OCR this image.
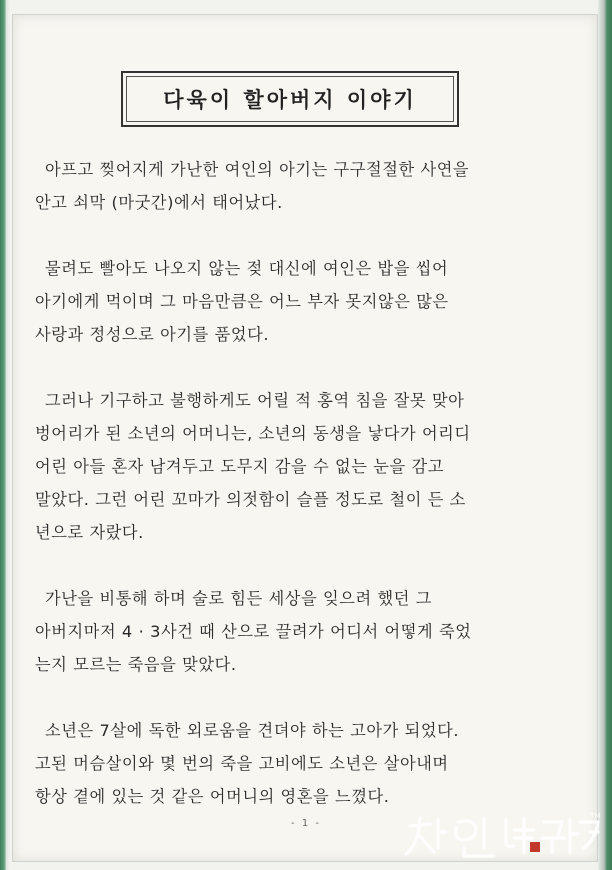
다육이 할아버지 이야기
아프고 찢어지게 가난한 여인의 아기는 구구절절한 사연을
안고 쇠막 (마굿간)에서 태어났다.
물려도 빨아도 나오지 않는 젖 대신에 여인은 밥을 씹어
아기에게 먹이며 그 마음만큼은 어느 부자 못지않은 많은
사랑과 정성으로 아기를 품었다.
그러나 기구하고 불행하게도 어릴 적 홍역 침을 잘못 맞아
벙어리가 된 소년의 어머니는, 소년의 동생을 낳다가 어리디
어린 아들 혼자 남겨두고 도무지 감을 수 없는 눈을 감고
말았다. 그런 어린 꼬마가 의젓함이 슬플 정도로 철이 든 소
년으로 자랐다.
가난을 비통해 하며 술로 힘든 세상을 잊으려 했던 그
아버지마저 4 · 3사건 때 산으로 끌려가 어디서 어떻게 죽었
는지 모르는 죽음을 맞았다.
소년은 7살에 독한 외로움을 견뎌야 하는 고아가 되었다.
고된 머슴살이와 몇 번의 죽을 고비에도 소년은 살아내며
항상 곁에 있는 것 같은 어머니의 영혼을 느꼈다.
- 1 -
TM
